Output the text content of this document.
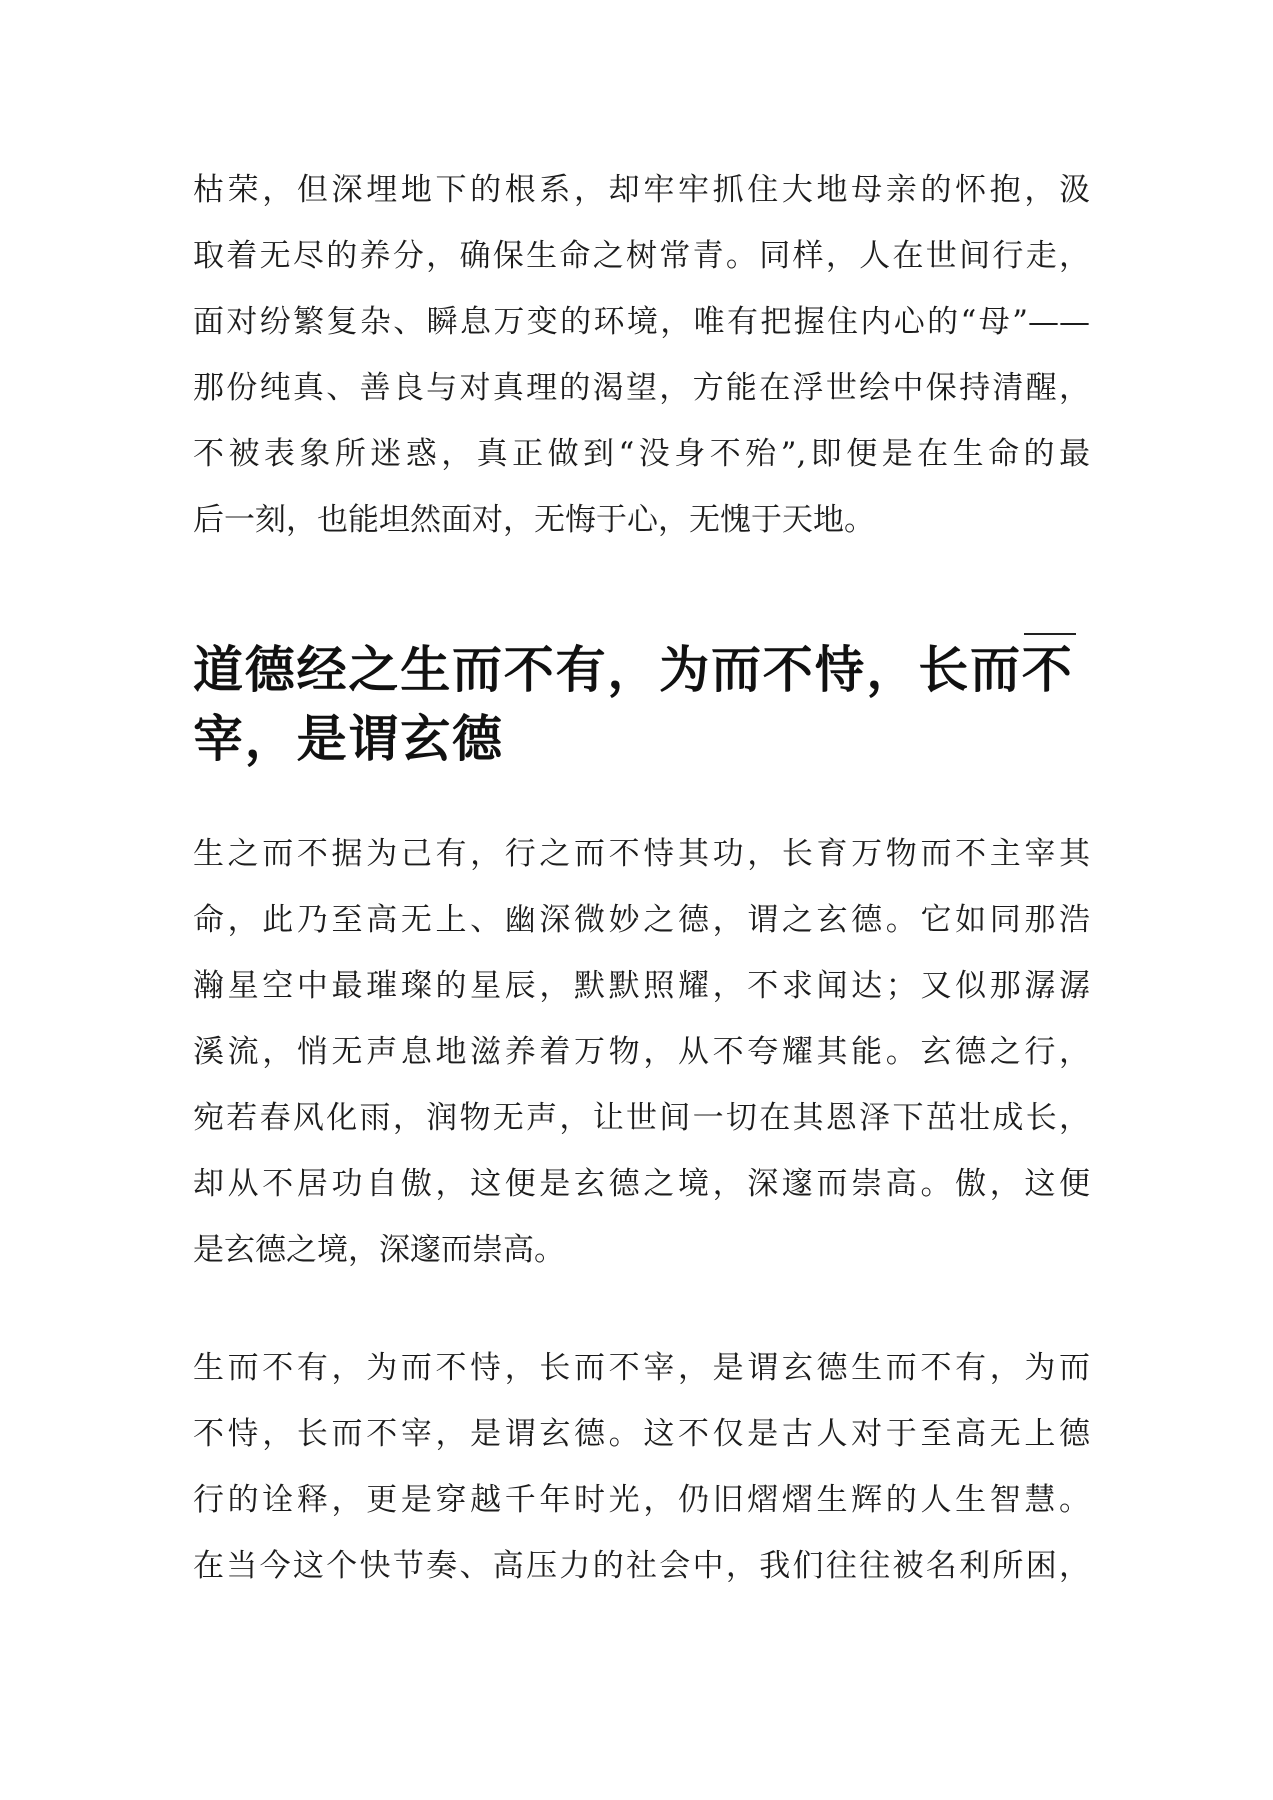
枯荣，但深埋地下的根系，却牢牢抓住大地母亲的怀抱，汲
取着无尽的养分，确保生命之树常青。同样，人在世间行走，
面对纷繁复杂、瞬息万变的环境，唯有把握住内心的“母”——
那份纯真、善良与对真理的渴望，方能在浮世绘中保持清醒，
不被表象所迷惑，真正做到“没身不殆”,即便是在生命的最
后一刻，也能坦然面对，无悔于心，无愧于天地。
道德经之生而不有，为而不恃，长而不
宰，是谓玄德
生之而不据为己有，行之而不恃其功，长育万物而不主宰其
命，此乃至高无上、幽深微妙之德，谓之玄德。它如同那浩
瀚星空中最璀璨的星辰，默默照耀，不求闻达；又似那潺潺
溪流，悄无声息地滋养着万物，从不夸耀其能。玄德之行，
宛若春风化雨，润物无声，让世间一切在其恩泽下茁壮成长，
却从不居功自傲，这便是玄德之境，深邃而崇高。傲，这便
是玄德之境，深邃而崇高。
生而不有，为而不恃，长而不宰，是谓玄德生而不有，为而
不恃，长而不宰，是谓玄德。这不仅是古人对于至高无上德
行的诠释，更是穿越千年时光，仍旧熠熠生辉的人生智慧。
在当今这个快节奏、高压力的社会中，我们往往被名利所困，
